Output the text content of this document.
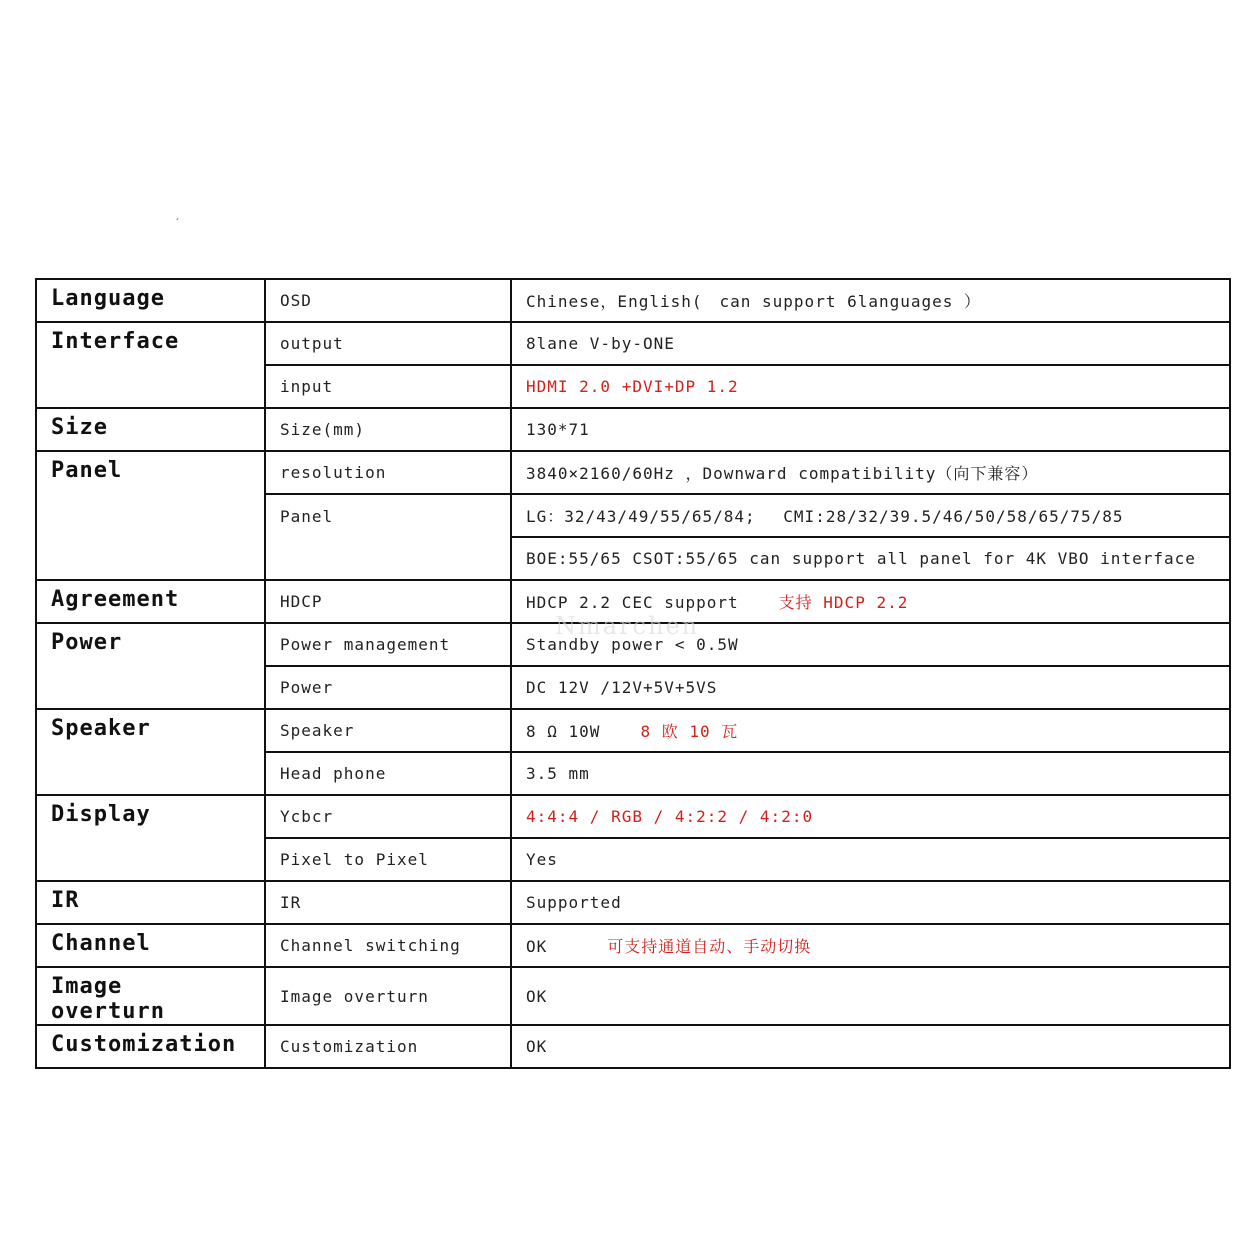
´
Language	OSD	Chinese，English(　can support 6languages ）
Interface	output	8lane V-by-ONE
	input	HDMI 2.0 +DVI+DP 1.2
Size	Size(mm)	130*71
Panel	resolution	3840×2160/60Hz ，Downward compatibility（向下兼容）
	Panel	LG：32/43/49/55/65/84;　 CMI:28/32/39.5/46/50/58/65/75/85
		BOE:55/65 CSOT:55/65 can support all panel for 4K VBO interface
Agreement	HDCP	HDCP 2.2 CEC support 支持 HDCP 2.2
Power	Power management	Standby power < 0.5W
	Power	DC 12V /12V+5V+5VS
Speaker	Speaker	8 Ω 10W 8 欧 10 瓦
	Head phone	3.5 mm
Display	Ycbcr	4:4:4 / RGB / 4:2:2 / 4:2:0
	Pixel to Pixel	Yes
IR	IR	Supported
Channel	Channel switching	OK 可支持通道自动、手动切换
Image overturn	Image overturn	OK
Customization	Customization	OK
Nmarchen
